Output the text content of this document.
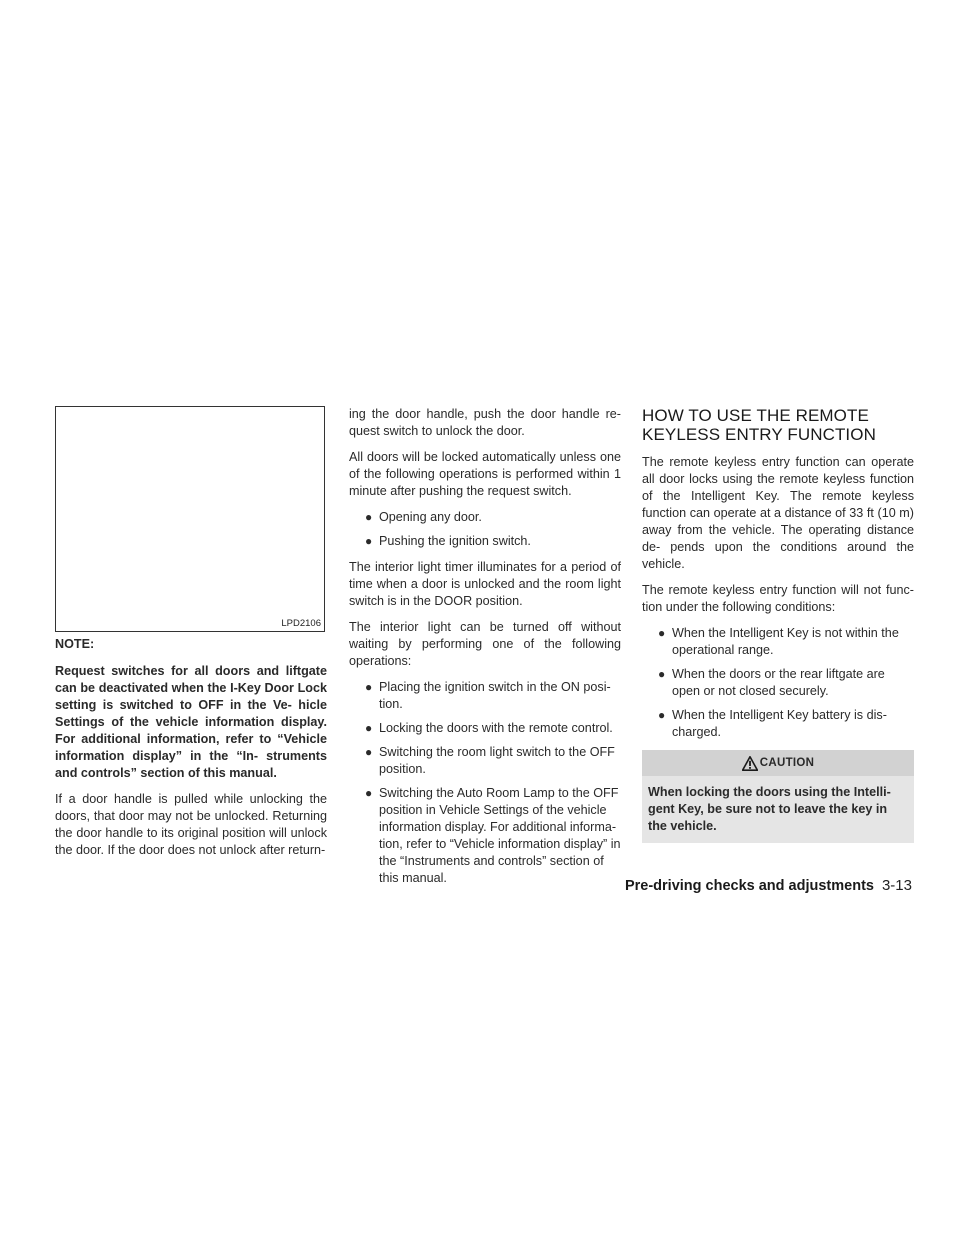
LPD2106

NOTE:

Request switches for all doors and liftgate can be deactivated when the I-Key Door Lock setting is switched to OFF in the Ve- hicle Settings of the vehicle information display. For additional information, refer to “Vehicle information display” in the “In- struments and controls” section of this manual.

If a door handle is pulled while unlocking the doors, that door may not be unlocked. Returning the door handle to its original position will unlock the door. If the door does not unlock after return-

ing the door handle, push the door handle re- quest switch to unlock the door.

All doors will be locked automatically unless one of the following operations is performed within 1 minute after pushing the request switch.

● Opening any door.
● Pushing the ignition switch.

The interior light timer illuminates for a period of time when a door is unlocked and the room light switch is in the DOOR position.

The interior light can be turned off without waiting by performing one of the following operations:

● Placing the ignition switch in the ON posi- tion.
● Locking the doors with the remote control.
● Switching the room light switch to the OFF position.
● Switching the Auto Room Lamp to the OFF position in Vehicle Settings of the vehicle information display. For additional informa- tion, refer to “Vehicle information display” in the “Instruments and controls” section of this manual.
HOW TO USE THE REMOTE
KEYLESS ENTRY FUNCTION

The remote keyless entry function can operate all door locks using the remote keyless function of the Intelligent Key. The remote keyless function can operate at a distance of 33 ft (10 m) away from the vehicle. The operating distance de- pends upon the conditions around the vehicle.

The remote keyless entry function will not func- tion under the following conditions:

● When the Intelligent Key is not within the operational range.
● When the doors or the rear liftgate are open or not closed securely.
● When the Intelligent Key battery is dis- charged.
CAUTION
When locking the doors using the Intelli- gent Key, be sure not to leave the key in the vehicle.
Pre-driving checks and adjustments 3-13
